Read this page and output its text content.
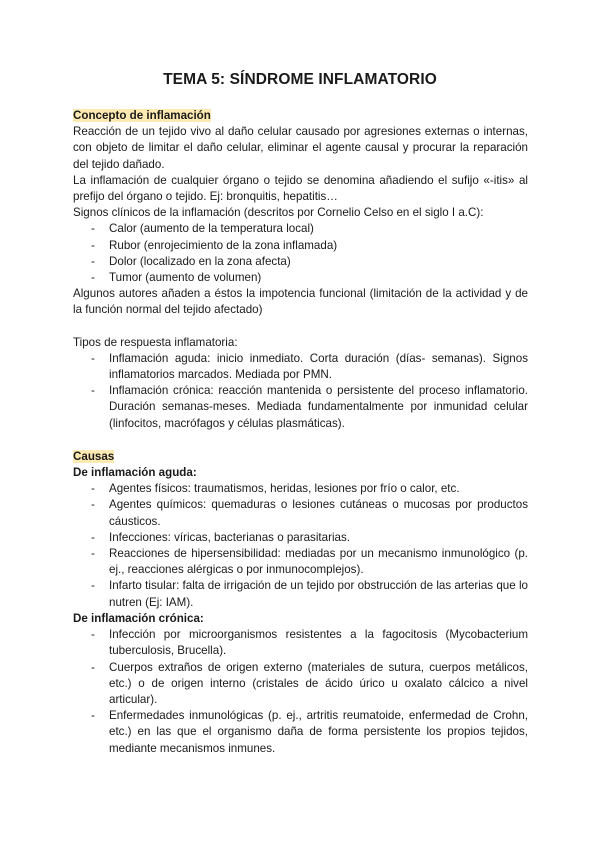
TEMA 5: SÍNDROME INFLAMATORIO

Concepto de inflamación

Reacción de un tejido vivo al daño celular causado por agresiones externas o internas, con objeto de limitar el daño celular, eliminar el agente causal y procurar la reparación del tejido dañado.

La inflamación de cualquier órgano o tejido se denomina añadiendo el sufijo «-itis» al prefijo del órgano o tejido. Ej: bronquitis, hepatitis…

Signos clínicos de la inflamación (descritos por Cornelio Celso en el siglo I a.C):

- Calor (aumento de la temperatura local)
- Rubor (enrojecimiento de la zona inflamada)
- Dolor (localizado en la zona afecta)
- Tumor (aumento de volumen)

Algunos autores añaden a éstos la impotencia funcional (limitación de la actividad y de la función normal del tejido afectado)

Tipos de respuesta inflamatoria:

- Inflamación aguda: inicio inmediato. Corta duración (días- semanas). Signos inflamatorios marcados. Mediada por PMN.
- Inflamación crónica: reacción mantenida o persistente del proceso inflamatorio. Duración semanas-meses. Mediada fundamentalmente por inmunidad celular (linfocitos, macrófagos y células plasmáticas).

Causas

De inflamación aguda:

- Agentes físicos: traumatismos, heridas, lesiones por frío o calor, etc.
- Agentes químicos: quemaduras o lesiones cutáneas o mucosas por productos cáusticos.
- Infecciones: víricas, bacterianas o parasitarias.
- Reacciones de hipersensibilidad: mediadas por un mecanismo inmunológico (p. ej., reacciones alérgicas o por inmunocomplejos).
- Infarto tisular: falta de irrigación de un tejido por obstrucción de las arterias que lo nutren (Ej: IAM).

De inflamación crónica:

- Infección por microorganismos resistentes a la fagocitosis (Mycobacterium tuberculosis, Brucella).
- Cuerpos extraños de origen externo (materiales de sutura, cuerpos metálicos, etc.) o de origen interno (cristales de ácido úrico u oxalato cálcico a nivel articular).
- Enfermedades inmunológicas (p. ej., artritis reumatoide, enfermedad de Crohn, etc.) en las que el organismo daña de forma persistente los propios tejidos, mediante mecanismos inmunes.
